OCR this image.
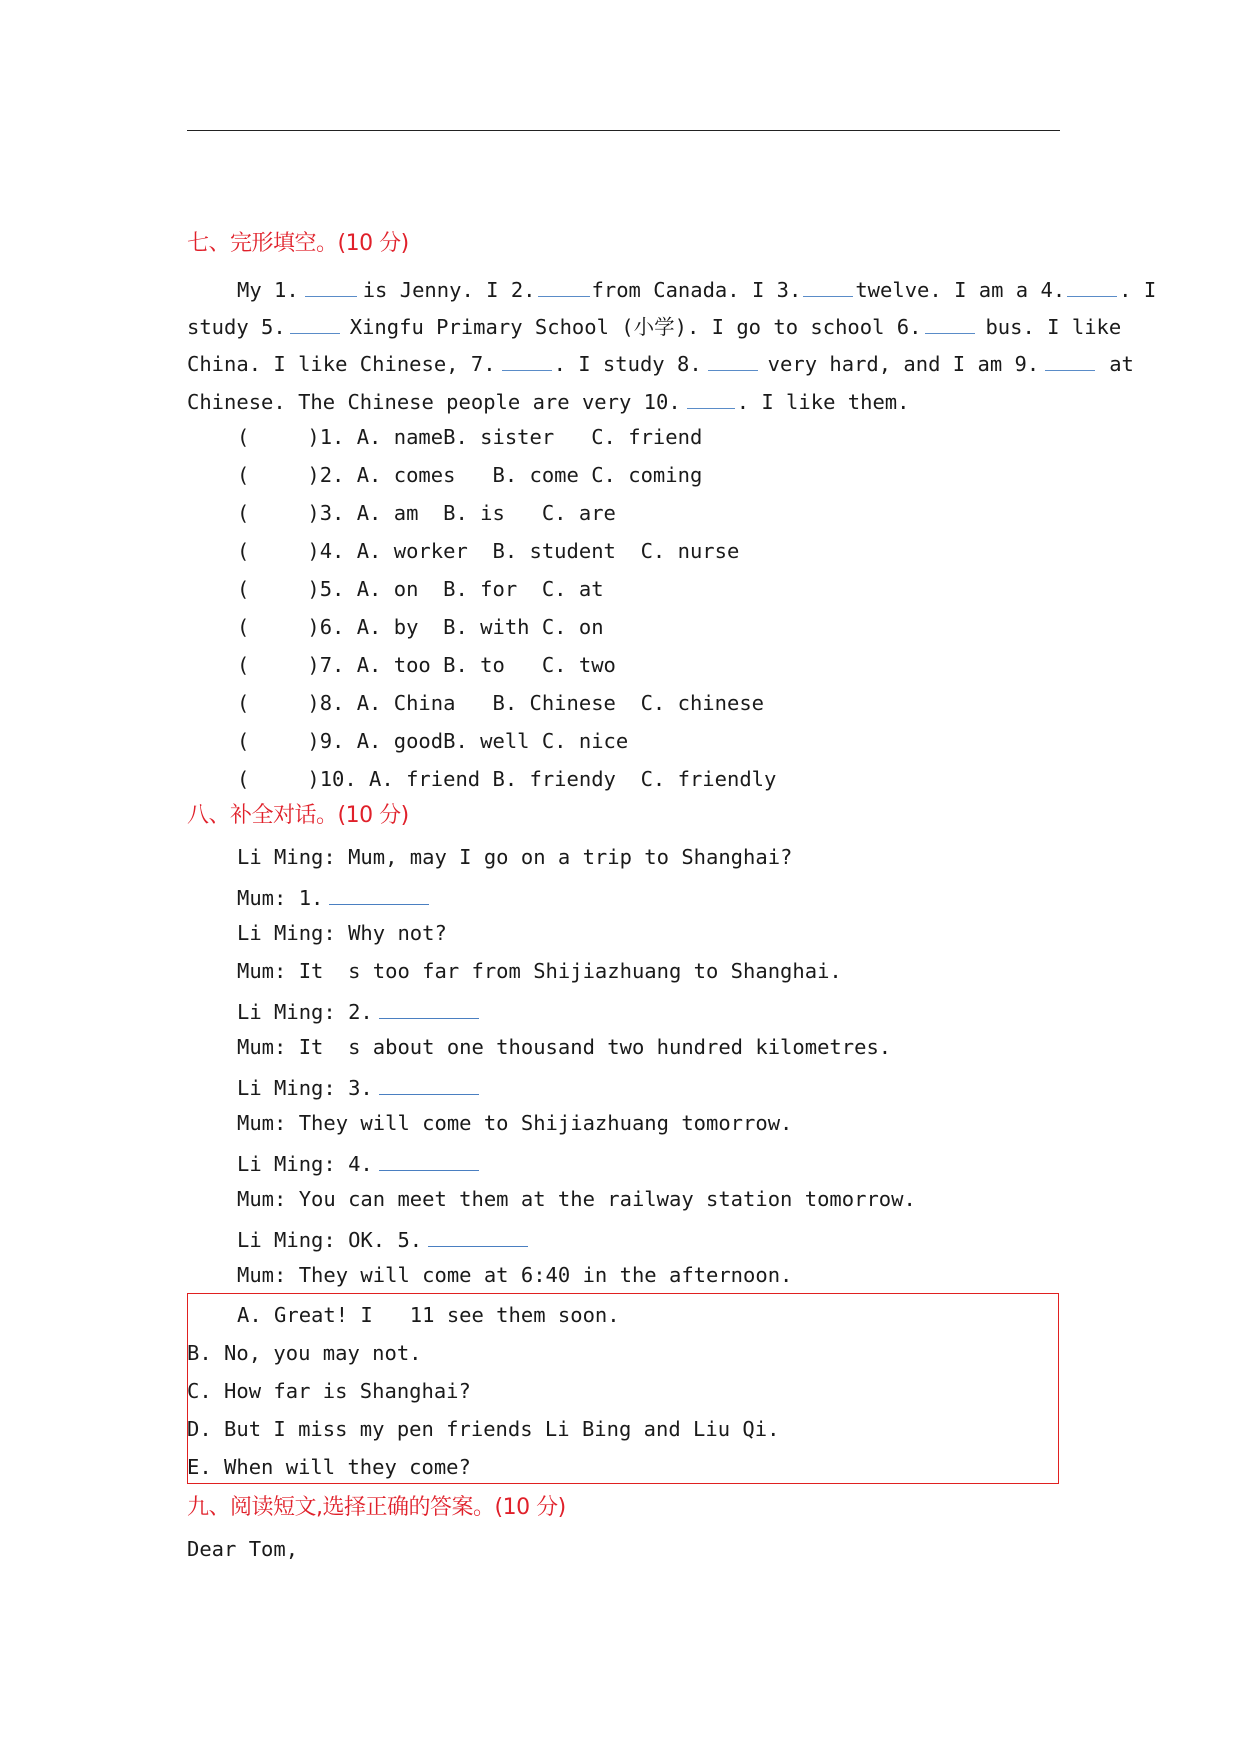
七、完形填空。(10 分)
My 1.	is Jenny. I 2.	from Canada. I 3.	twelve. I am a 4.	. I
study 5.	Xingfu Primary School (小学). I go to school 6.	bus. I like
China. I like Chinese, 7.	. I study 8.	very hard, and I am 9.	at
Chinese. The Chinese people are very 10.	. I like them.
(	)1. A. nameB. sister   C. friend
(	)2. A. comes   B. come C. coming
(	)3. A. am  B. is   C. are
(	)4. A. worker  B. student  C. nurse
(	)5. A. on  B. for  C. at
(	)6. A. by  B. with C. on
(	)7. A. too B. to   C. two
(	)8. A. China   B. Chinese  C. chinese
(	)9. A. goodB. well C. nice
(	)10. A. friend B. friendy  C. friendly
八、补全对话。(10 分)
Li Ming: Mum, may I go on a trip to Shanghai?
Mum: 1.
Li Ming: Why not?
Mum: It  s too far from Shijiazhuang to Shanghai.
Li Ming: 2.
Mum: It  s about one thousand two hundred kilometres.
Li Ming: 3.
Mum: They will come to Shijiazhuang tomorrow.
Li Ming: 4.
Mum: You can meet them at the railway station tomorrow.
Li Ming: OK. 5.
Mum: They will come at 6:40 in the afternoon.
A. Great! I   11 see them soon.
B. No, you may not.
C. How far is Shanghai?
D. But I miss my pen friends Li Bing and Liu Qi.
E. When will they come?
九、阅读短文,选择正确的答案。(10 分)
Dear Tom,
